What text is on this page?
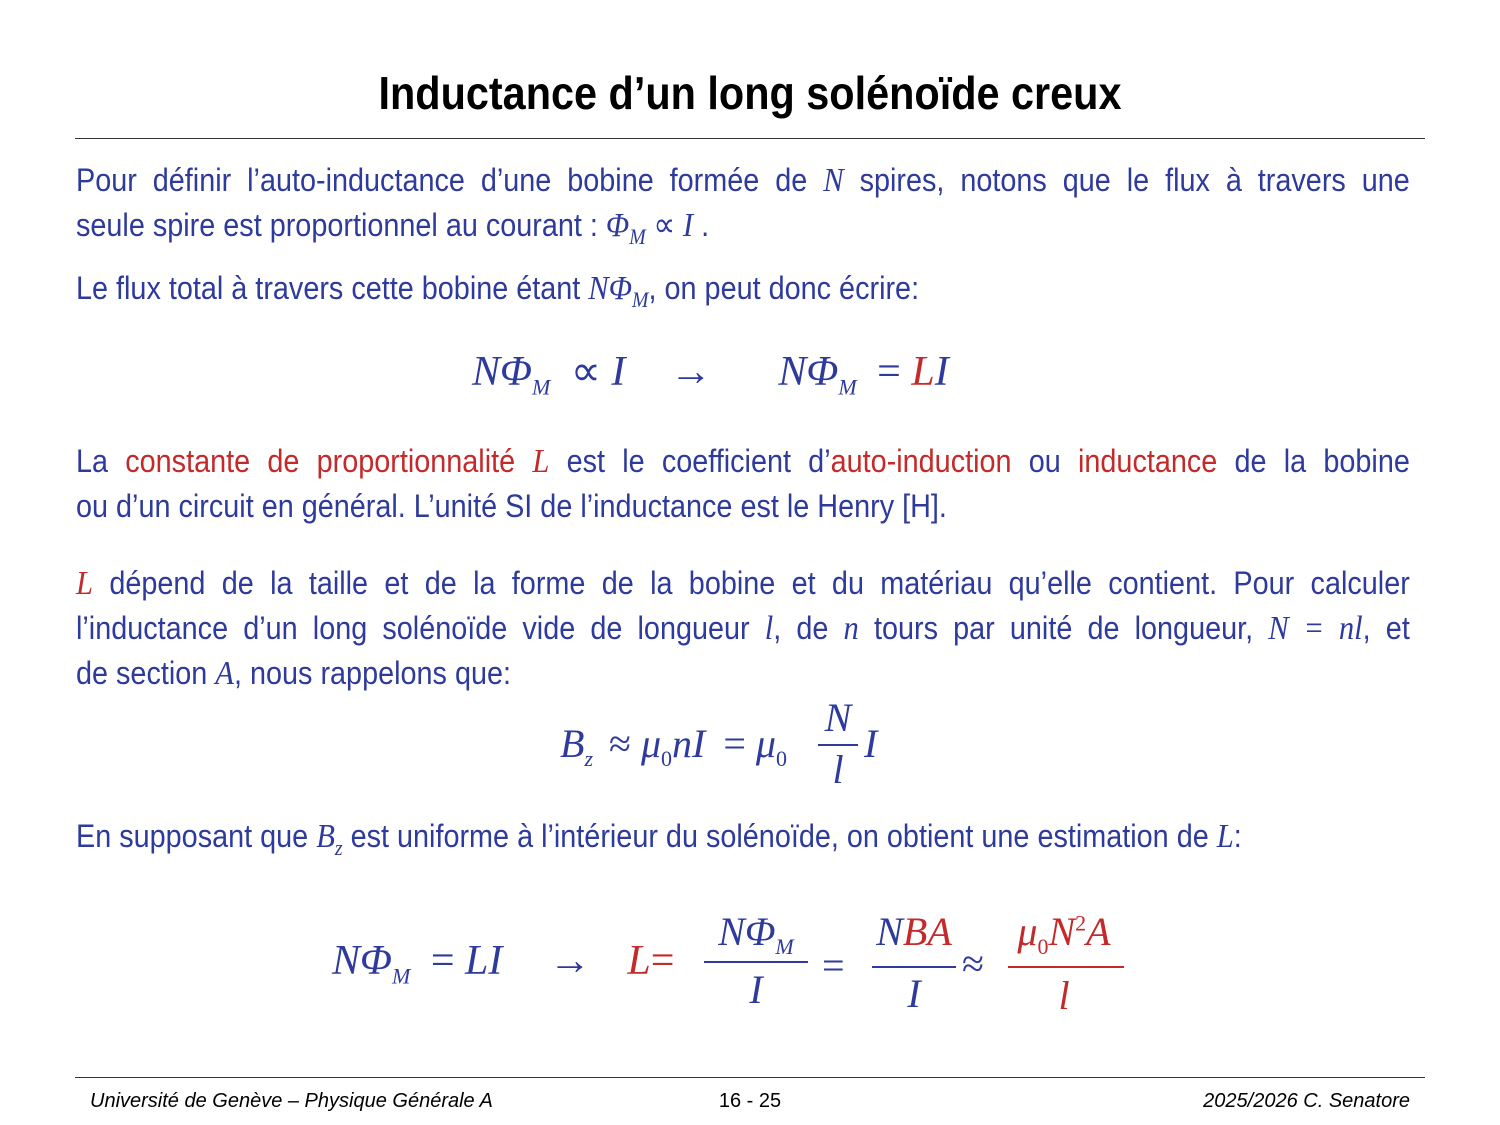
Inductance d’un long solénoïde creux
Pour définir l’auto-inductance d’une bobine formée de N spires, notons que le flux à travers une
seule spire est proportionnel au courant : $\Phi_M \propto I$ .
Le flux total à travers cette bobine étant $N\Phi_M$, on peut donc écrire:
$N\Phi_M \propto I \to N\Phi_M$ = LI
La constante de proportionnalité L est le coefficient d’auto-induction ou inductance de la bobine
ou d’un circuit en général. L’unité SI de l’inductance est le Henry [H].
L dépend de la taille et de la forme de la bobine et du matériau qu’elle contient. Pour calculer
l’inductance d’un long solénoïde vide de longueur l, de n tours par unité de longueur, N = nl, et
de section A, nous rappelons que:
$B_z \approx \mu_0nI = \mu_0$
N
l
I
En supposant que $B_z$ est uniforme à l’intérieur du solénoïde, on obtient une estimation de L:
$N\Phi_M$ = LI → L=
$N\Phi_M$
I
=
NBA
I
≈
$\mu_0N^2A$
l
Université de Genève – Physique Générale A	16 - 25	2025/2026 C. Senatore
